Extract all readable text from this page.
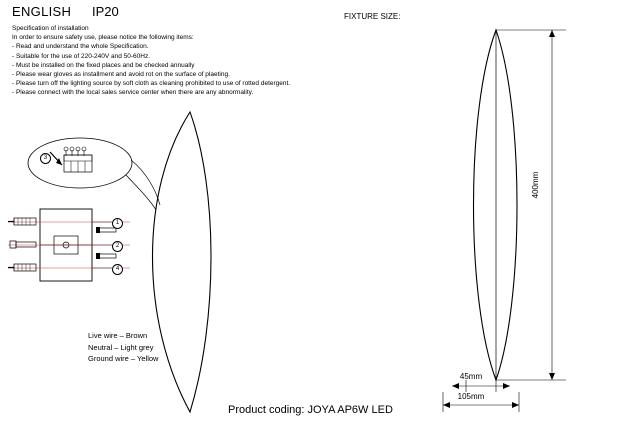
ENGLISH IP20
Specification of installation
In order to ensure safety use, please notice the following items:
- Read and understand the whole Specification.
- Suitable for the use of 220-240V and 50-60Hz.
- Must be installed on the fixed places and be checked annually
- Please wear gloves as installment and avoid rot on the surface of plaeting.
- Please turn off the lighting source by soft cloth as cleaning prohibited to use of rotted detergent.
- Please connect with the local sales service center when there are any abnormality.
FIXTURE SIZE:
3
1
2
4
Live wire – Brown
Neutral – Light grey
Ground wire – Yellow
400mm
45mm
105mm
Product coding: JOYA AP6W LED
